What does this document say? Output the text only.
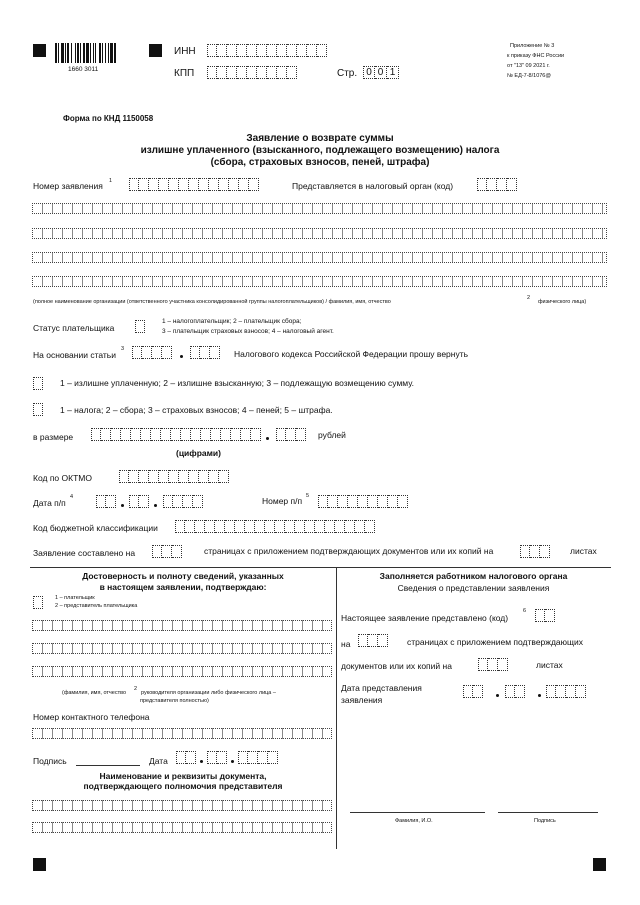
1660 3011
ИНН
КПП	Стр. 0 0 1
Приложение № 3
к приказу ФНС России
от "13" 09 2021 г.
№ ЕД-7-8/1076@
Форма по КНД 1150058
Заявление о возврате суммы
излишне уплаченного (взысканного, подлежащего возмещению) налога
(сбора, страховых взносов, пеней, штрафа)
Номер заявления 1	Представляется в налоговый орган (код)
(полное наименование организации (ответственного участника консолидированной группы налогоплательщиков) / фамилия, имя, отчество
2
физического лица)
Статус плательщика
1 – налогоплательщик; 2 – плательщик сбора;
3 – плательщик страховых взносов; 4 – налоговый агент.
На основании статьи
3	Налогового кодекса Российской Федерации прошу вернуть
1 – излишне уплаченную; 2 – излишне взысканную; 3 – подлежащую возмещению сумму.
1 – налога; 2 – сбора; 3 – страховых взносов; 4 – пеней; 5 – штрафа.
в размере	рублей
(цифрами)
Код по ОКТМО
Дата п/п
4	Номер п/п 5
Код бюджетной классификации
Заявление составлено на	страницах с приложением подтверждающих документов или их копий на	листах
Достоверность и полноту сведений, указанных
в настоящем заявлении, подтверждаю:
1 – плательщик
2 – представитель плательщика
(фамилия, имя, отчество
2
руководителя организации либо физического лица –
представителя полностью)
Номер контактного телефона
Подпись	Дата
Наименование и реквизиты документа,
подтверждающего полномочия представителя
Заполняется работником налогового органа
Сведения о представлении заявления
Настоящее заявление представлено (код)
6
на	страницах с приложением подтверждающих
документов или их копий на	листах
Дата представления
заявления
Фамилия, И.О.	Подпись
